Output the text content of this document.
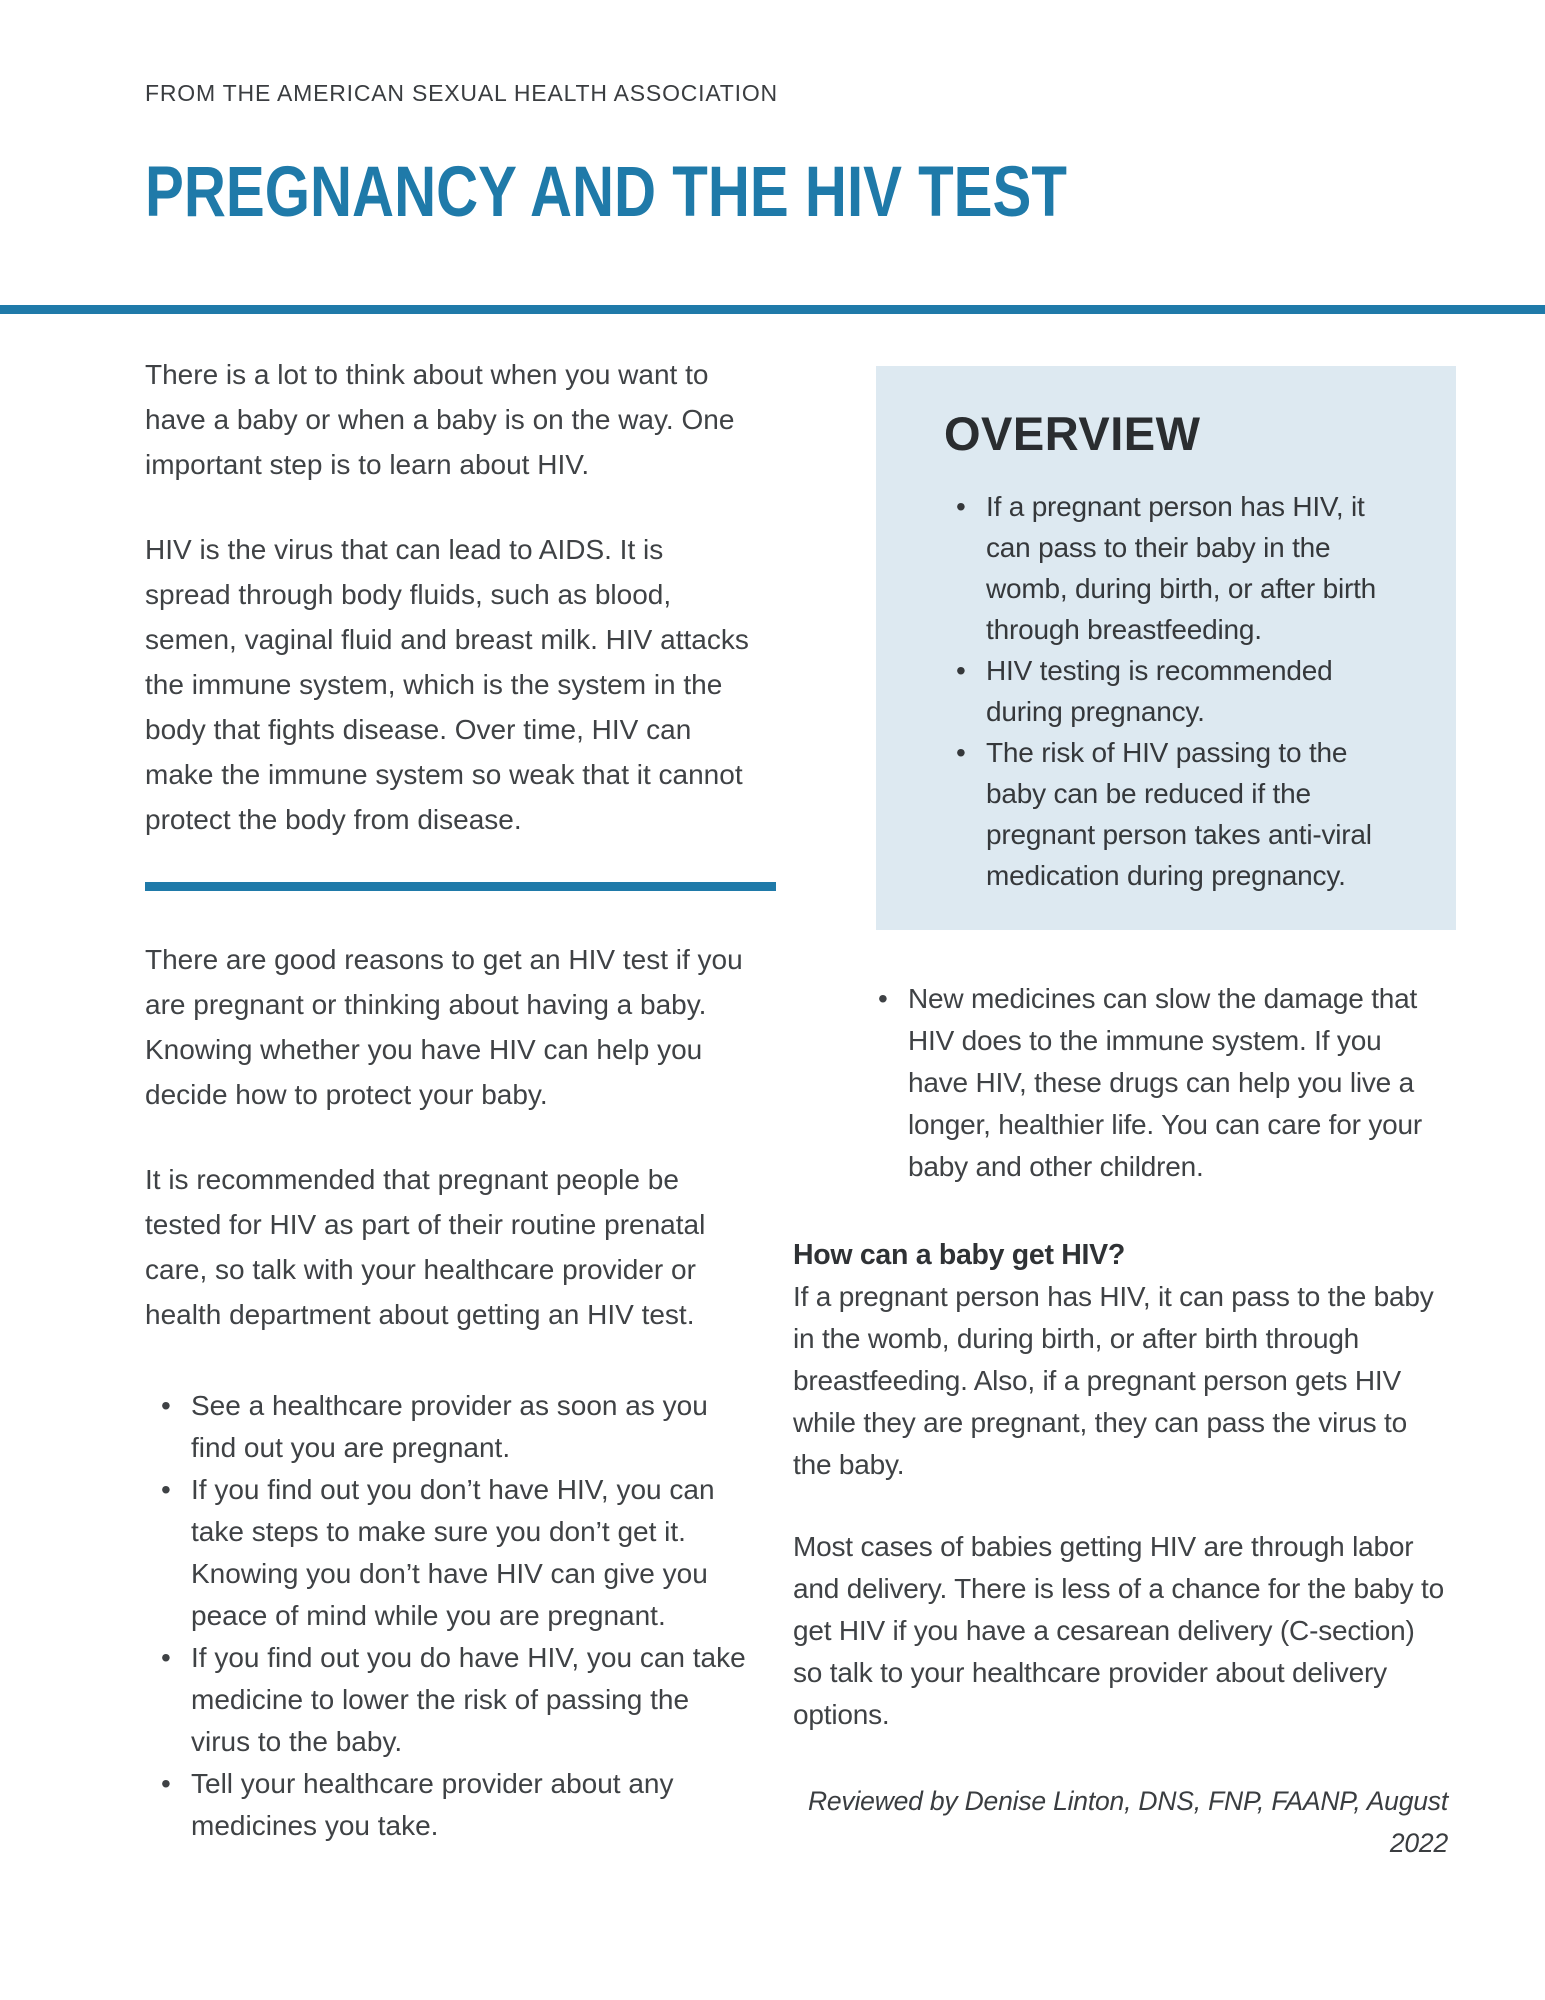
FROM THE AMERICAN SEXUAL HEALTH ASSOCIATION
PREGNANCY AND THE HIV TEST

There is a lot to think about when you want to have a baby or when a baby is on the way. One important step is to learn about HIV.

HIV is the virus that can lead to AIDS. It is spread through body fluids, such as blood, semen, vaginal fluid and breast milk. HIV attacks the immune system, which is the system in the body that fights disease. Over time, HIV can make the immune system so weak that it cannot protect the body from disease.

There are good reasons to get an HIV test if you are pregnant or thinking about having a baby. Knowing whether you have HIV can help you decide how to protect your baby.

It is recommended that pregnant people be tested for HIV as part of their routine prenatal care, so talk with your healthcare provider or health department about getting an HIV test.

• See a healthcare provider as soon as you find out you are pregnant.
• If you find out you don’t have HIV, you can take steps to make sure you don’t get it. Knowing you don’t have HIV can give you peace of mind while you are pregnant.
• If you find out you do have HIV, you can take medicine to lower the risk of passing the virus to the baby.
• Tell your healthcare provider about any medicines you take.
OVERVIEW
• If a pregnant person has HIV, it can pass to their baby in the womb, during birth, or after birth through breastfeeding.
• HIV testing is recommended during pregnancy.
• The risk of HIV passing to the baby can be reduced if the pregnant person takes anti-viral medication during pregnancy.
• New medicines can slow the damage that HIV does to the immune system. If you have HIV, these drugs can help you live a longer, healthier life. You can care for your baby and other children.
How can a baby get HIV?

If a pregnant person has HIV, it can pass to the baby in the womb, during birth, or after birth through breastfeeding. Also, if a pregnant person gets HIV while they are pregnant, they can pass the virus to the baby.

Most cases of babies getting HIV are through labor and delivery. There is less of a chance for the baby to get HIV if you have a cesarean delivery (C-section) so talk to your healthcare provider about delivery options.

Reviewed by Denise Linton, DNS, FNP, FAANP, August 2022
